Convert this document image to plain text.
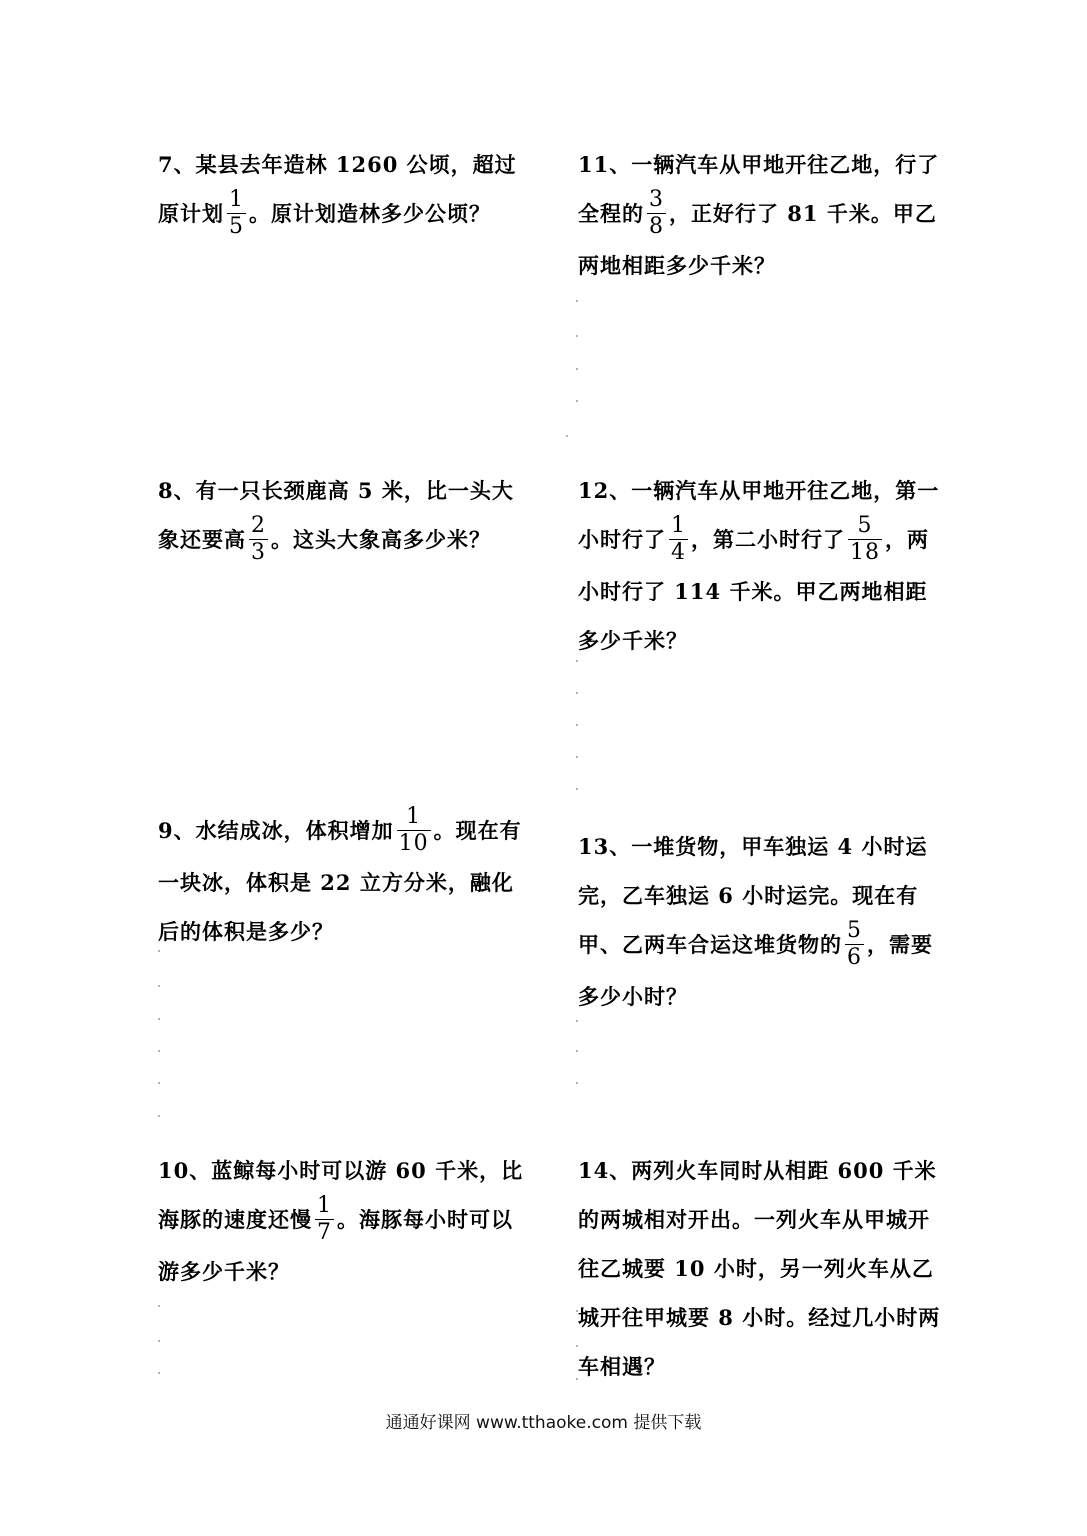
7、某县去年造林 1260 公顷，超过原计划 $\frac{1}{5}$ 。原计划造林多少公顷？
8、有一只长颈鹿高 5 米，比一头大象还要高 $\frac{2}{3}$ 。这头大象高多少米？
9、水结成冰，体积增加 $\frac{1}{10}$ 。现在有一块冰，体积是 22 立方分米，融化后的体积是多少？
10、蓝鲸每小时可以游 60 千米，比海豚的速度还慢 $\frac{1}{7}$ 。海豚每小时可以游多少千米？
11、一辆汽车从甲地开往乙地，行了全程的 $\frac{3}{8}$ ，正好行了 81 千米。甲乙两地相距多少千米？
12、一辆汽车从甲地开往乙地，第一小时行了 $\frac{1}{4}$ ，第二小时行了 $\frac{5}{18}$ ，两小时行了 114 千米。甲乙两地相距多少千米？
13、一堆货物，甲车独运 4 小时运完，乙车独运 6 小时运完。现在有甲、乙两车合运这堆货物的 $\frac{5}{6}$ ，需要多少小时？
14、两列火车同时从相距 600 千米的两城相对开出。一列火车从甲城开往乙城要 10 小时，另一列火车从乙城开往甲城要 8 小时。经过几小时两车相遇？
通通好课网 www.tthaoke.com 提供下载
